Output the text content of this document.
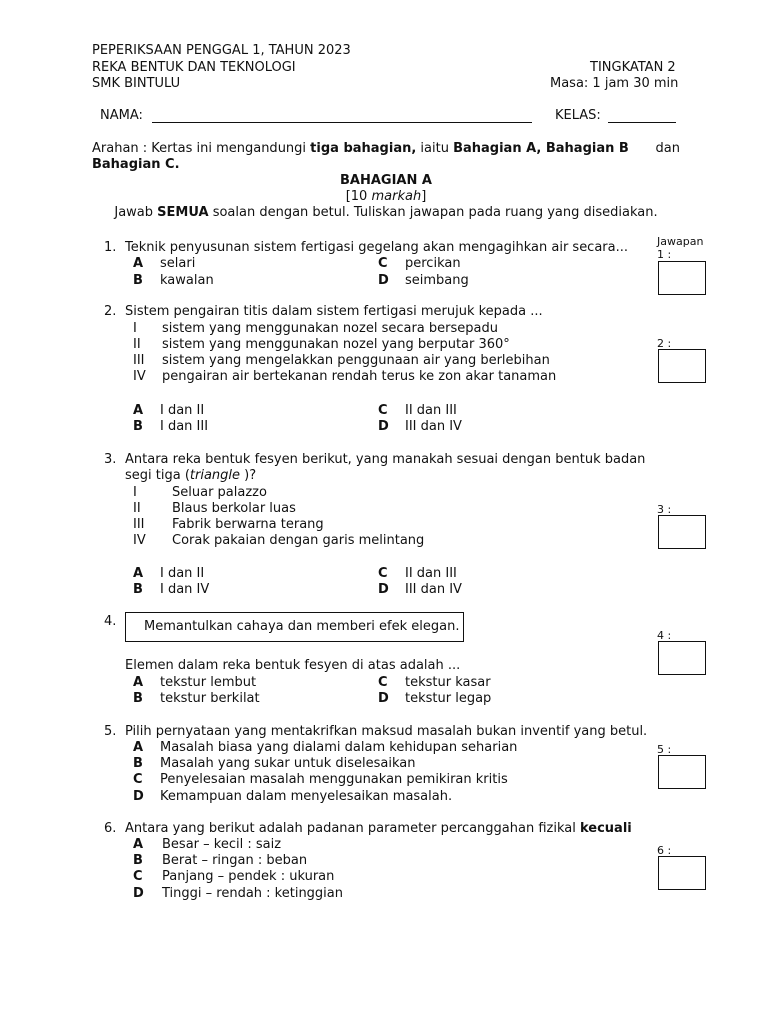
PEPERIKSAAN PENGGAL 1, TAHUN 2023
REKA BENTUK DAN TEKNOLOGI
SMK BINTULU
TINGKATAN 2
Masa: 1 jam 30 min
NAMA:	KELAS:
Arahan : Kertas ini mengandungi tiga bahagian, iaitu Bahagian A, Bahagian B dan
Bahagian C.
BAHAGIAN A
[10 markah]
Jawab SEMUA soalan dengan betul. Tuliskan jawapan pada ruang yang disediakan.
Jawapan
1 :
2 :
3 :
4 :
5 :
6 :
1. Teknik penyusunan sistem fertigasi gegelang akan mengagihkan air secara...
A selari
B kawalan
C percikan
D seimbang
2. Sistem pengairan titis dalam sistem fertigasi merujuk kepada ...
I sistem yang menggunakan nozel secara bersepadu
II sistem yang menggunakan nozel yang berputar 360°
III sistem yang mengelakkan penggunaan air yang berlebihan
IV pengairan air bertekanan rendah terus ke zon akar tanaman
A I dan II
B I dan III
C II dan III
D III dan IV
3. Antara reka bentuk fesyen berikut, yang manakah sesuai dengan bentuk badan
segi tiga (triangle )?
I	Seluar palazzo
II Blaus berkolar luas
III Fabrik berwarna terang
IV Corak pakaian dengan garis melintang
A I dan II
B I dan IV
C II dan III
D III dan IV
4.	Memantulkan cahaya dan memberi efek elegan.
Elemen dalam reka bentuk fesyen di atas adalah ...
A tekstur lembut
B tekstur berkilat
C tekstur kasar
D tekstur legap
5. Pilih pernyataan yang mentakrifkan maksud masalah bukan inventif yang betul.
A Masalah biasa yang dialami dalam kehidupan seharian
B Masalah yang sukar untuk diselesaikan
C Penyelesaian masalah menggunakan pemikiran kritis
D Kemampuan dalam menyelesaikan masalah.
6. Antara yang berikut adalah padanan parameter percanggahan fizikal kecuali
A Besar – kecil : saiz
B Berat – ringan : beban
C Panjang – pendek : ukuran
D Tinggi – rendah : ketinggian
